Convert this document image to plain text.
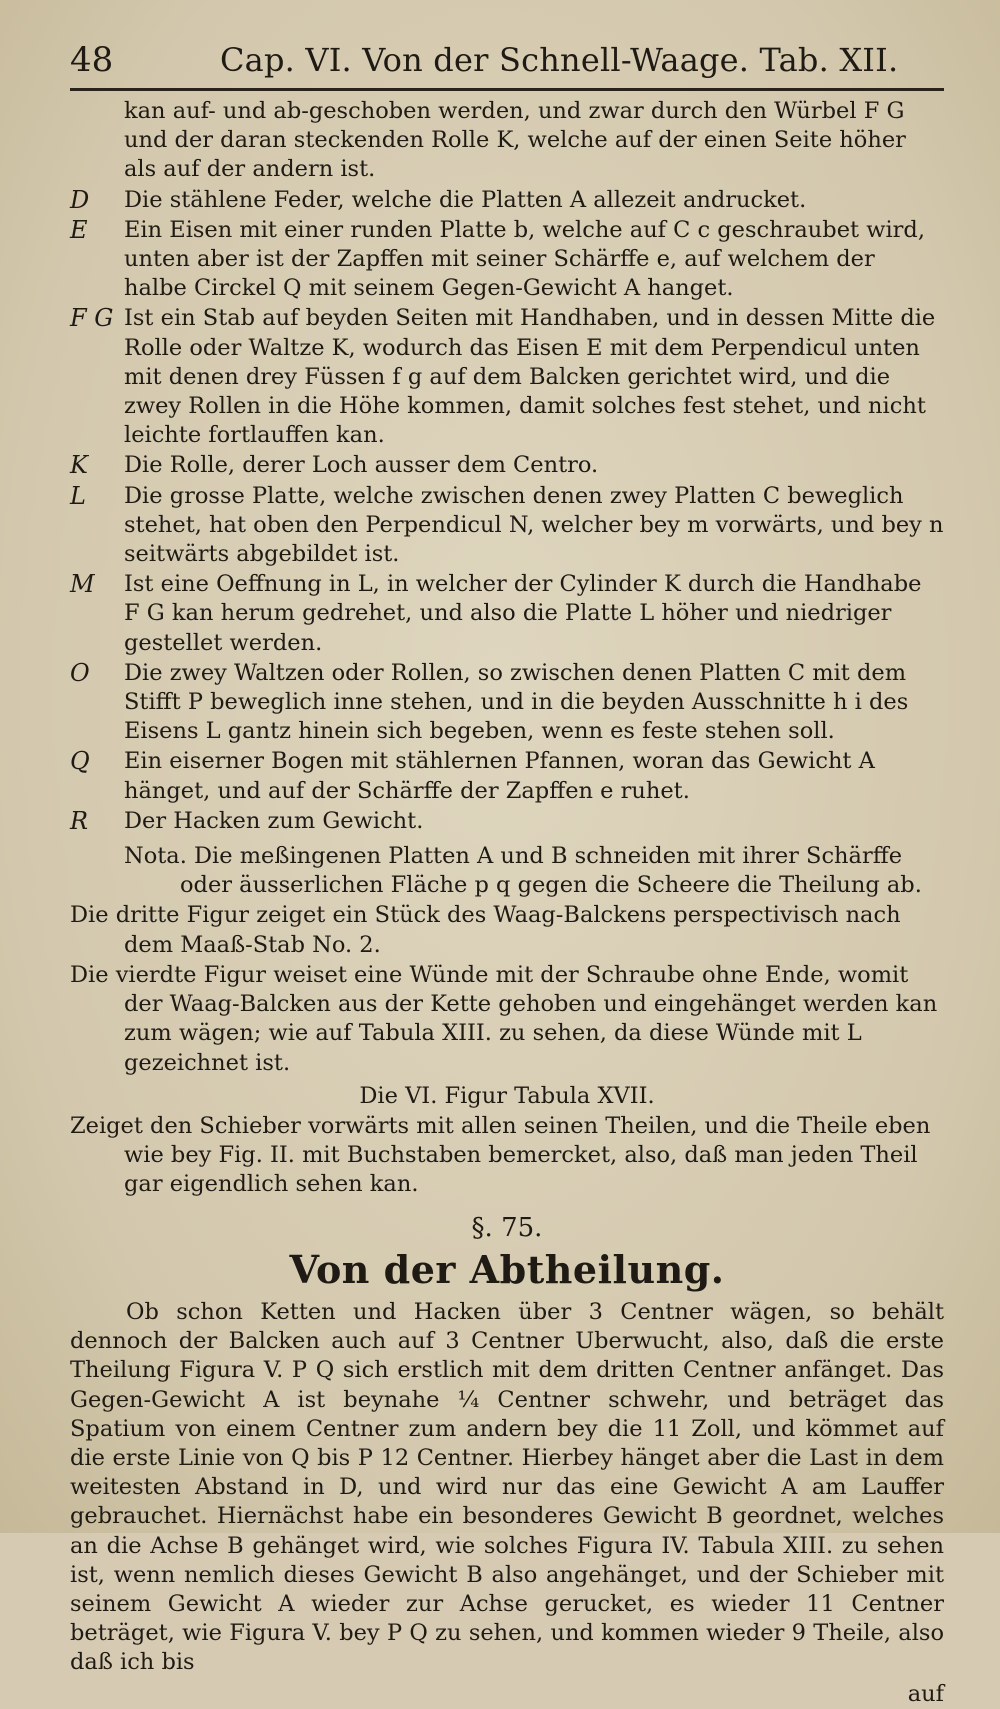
48	Cap. VI. Von der Schnell-Waage. Tab. XII.
kan auf- und ab-geschoben werden, und zwar durch den Würbel F G und der daran steckenden Rolle K, welche auf der einen Seite höher als auf der andern ist.
D	Die stählene Feder, welche die Platten A allezeit andrucket.
E	Ein Eisen mit einer runden Platte b, welche auf C c geschraubet wird, unten aber ist der Zapffen mit seiner Schärffe e, auf welchem der halbe Circkel Q mit seinem Gegen-Gewicht A hanget.
F G Ist ein Stab auf beyden Seiten mit Handhaben, und in dessen Mitte die Rolle oder Waltze K, wodurch das Eisen E mit dem Perpendicul unten mit denen drey Füssen f g auf dem Balcken gerichtet wird, und die zwey Rollen in die Höhe kommen, damit solches fest stehet, und nicht leichte fortlauffen kan.
K	Die Rolle, derer Loch ausser dem Centro.
L	Die grosse Platte, welche zwischen denen zwey Platten C beweglich stehet, hat oben den Perpendicul N, welcher bey m vorwärts, und bey n seitwärts abgebildet ist.
M	Ist eine Oeffnung in L, in welcher der Cylinder K durch die Handhabe F G kan herum gedrehet, und also die Platte L höher und niedriger gestellet werden.
O	Die zwey Waltzen oder Rollen, so zwischen denen Platten C mit dem Stifft P beweglich inne stehen, und in die beyden Ausschnitte h i des Eisens L gantz hinein sich begeben, wenn es feste stehen soll.
Q	Ein eiserner Bogen mit stählernen Pfannen, woran das Gewicht A hänget, und auf der Schärffe der Zapffen e ruhet.
R	Der Hacken zum Gewicht.
Nota. Die meßingenen Platten A und B schneiden mit ihrer Schärffe oder äusserlichen Fläche p q gegen die Scheere die Theilung ab.
Die dritte Figur zeiget ein Stück des Waag-Balckens perspectivisch nach dem Maaß-Stab No. 2.
Die vierdte Figur weiset eine Wünde mit der Schraube ohne Ende, womit der Waag-Balcken aus der Kette gehoben und eingehänget werden kan zum wägen; wie auf Tabula XIII. zu sehen, da diese Wünde mit L gezeichnet ist.
Die VI. Figur Tabula XVII.
Zeiget den Schieber vorwärts mit allen seinen Theilen, und die Theile eben wie bey Fig. II. mit Buchstaben bemercket, also, daß man jeden Theil gar eigendlich sehen kan.
§. 75.
Von der Abtheilung.
Ob schon Ketten und Hacken über 3 Centner wägen, so behält dennoch der Balcken auch auf 3 Centner Uberwucht, also, daß die erste Theilung Figura V. P Q sich erstlich mit dem dritten Centner anfänget. Das Gegen-Gewicht A ist beynahe ¼ Centner schwehr, und beträget das Spatium von einem Centner zum andern bey die 11 Zoll, und kömmet auf die erste Linie von Q bis P 12 Centner. Hierbey hänget aber die Last in dem weitesten Abstand in D, und wird nur das eine Gewicht A am Lauffer gebrauchet. Hiernächst habe ein besonderes Gewicht B geordnet, welches an die Achse B gehänget wird, wie solches Figura IV. Tabula XIII. zu sehen ist, wenn nemlich dieses Gewicht B also angehänget, und der Schieber mit seinem Gewicht A wieder zur Achse gerucket, es wieder 11 Centner beträget, wie Figura V. bey P Q zu sehen, und kommen wieder 9 Theile, also daß ich bis
auf
